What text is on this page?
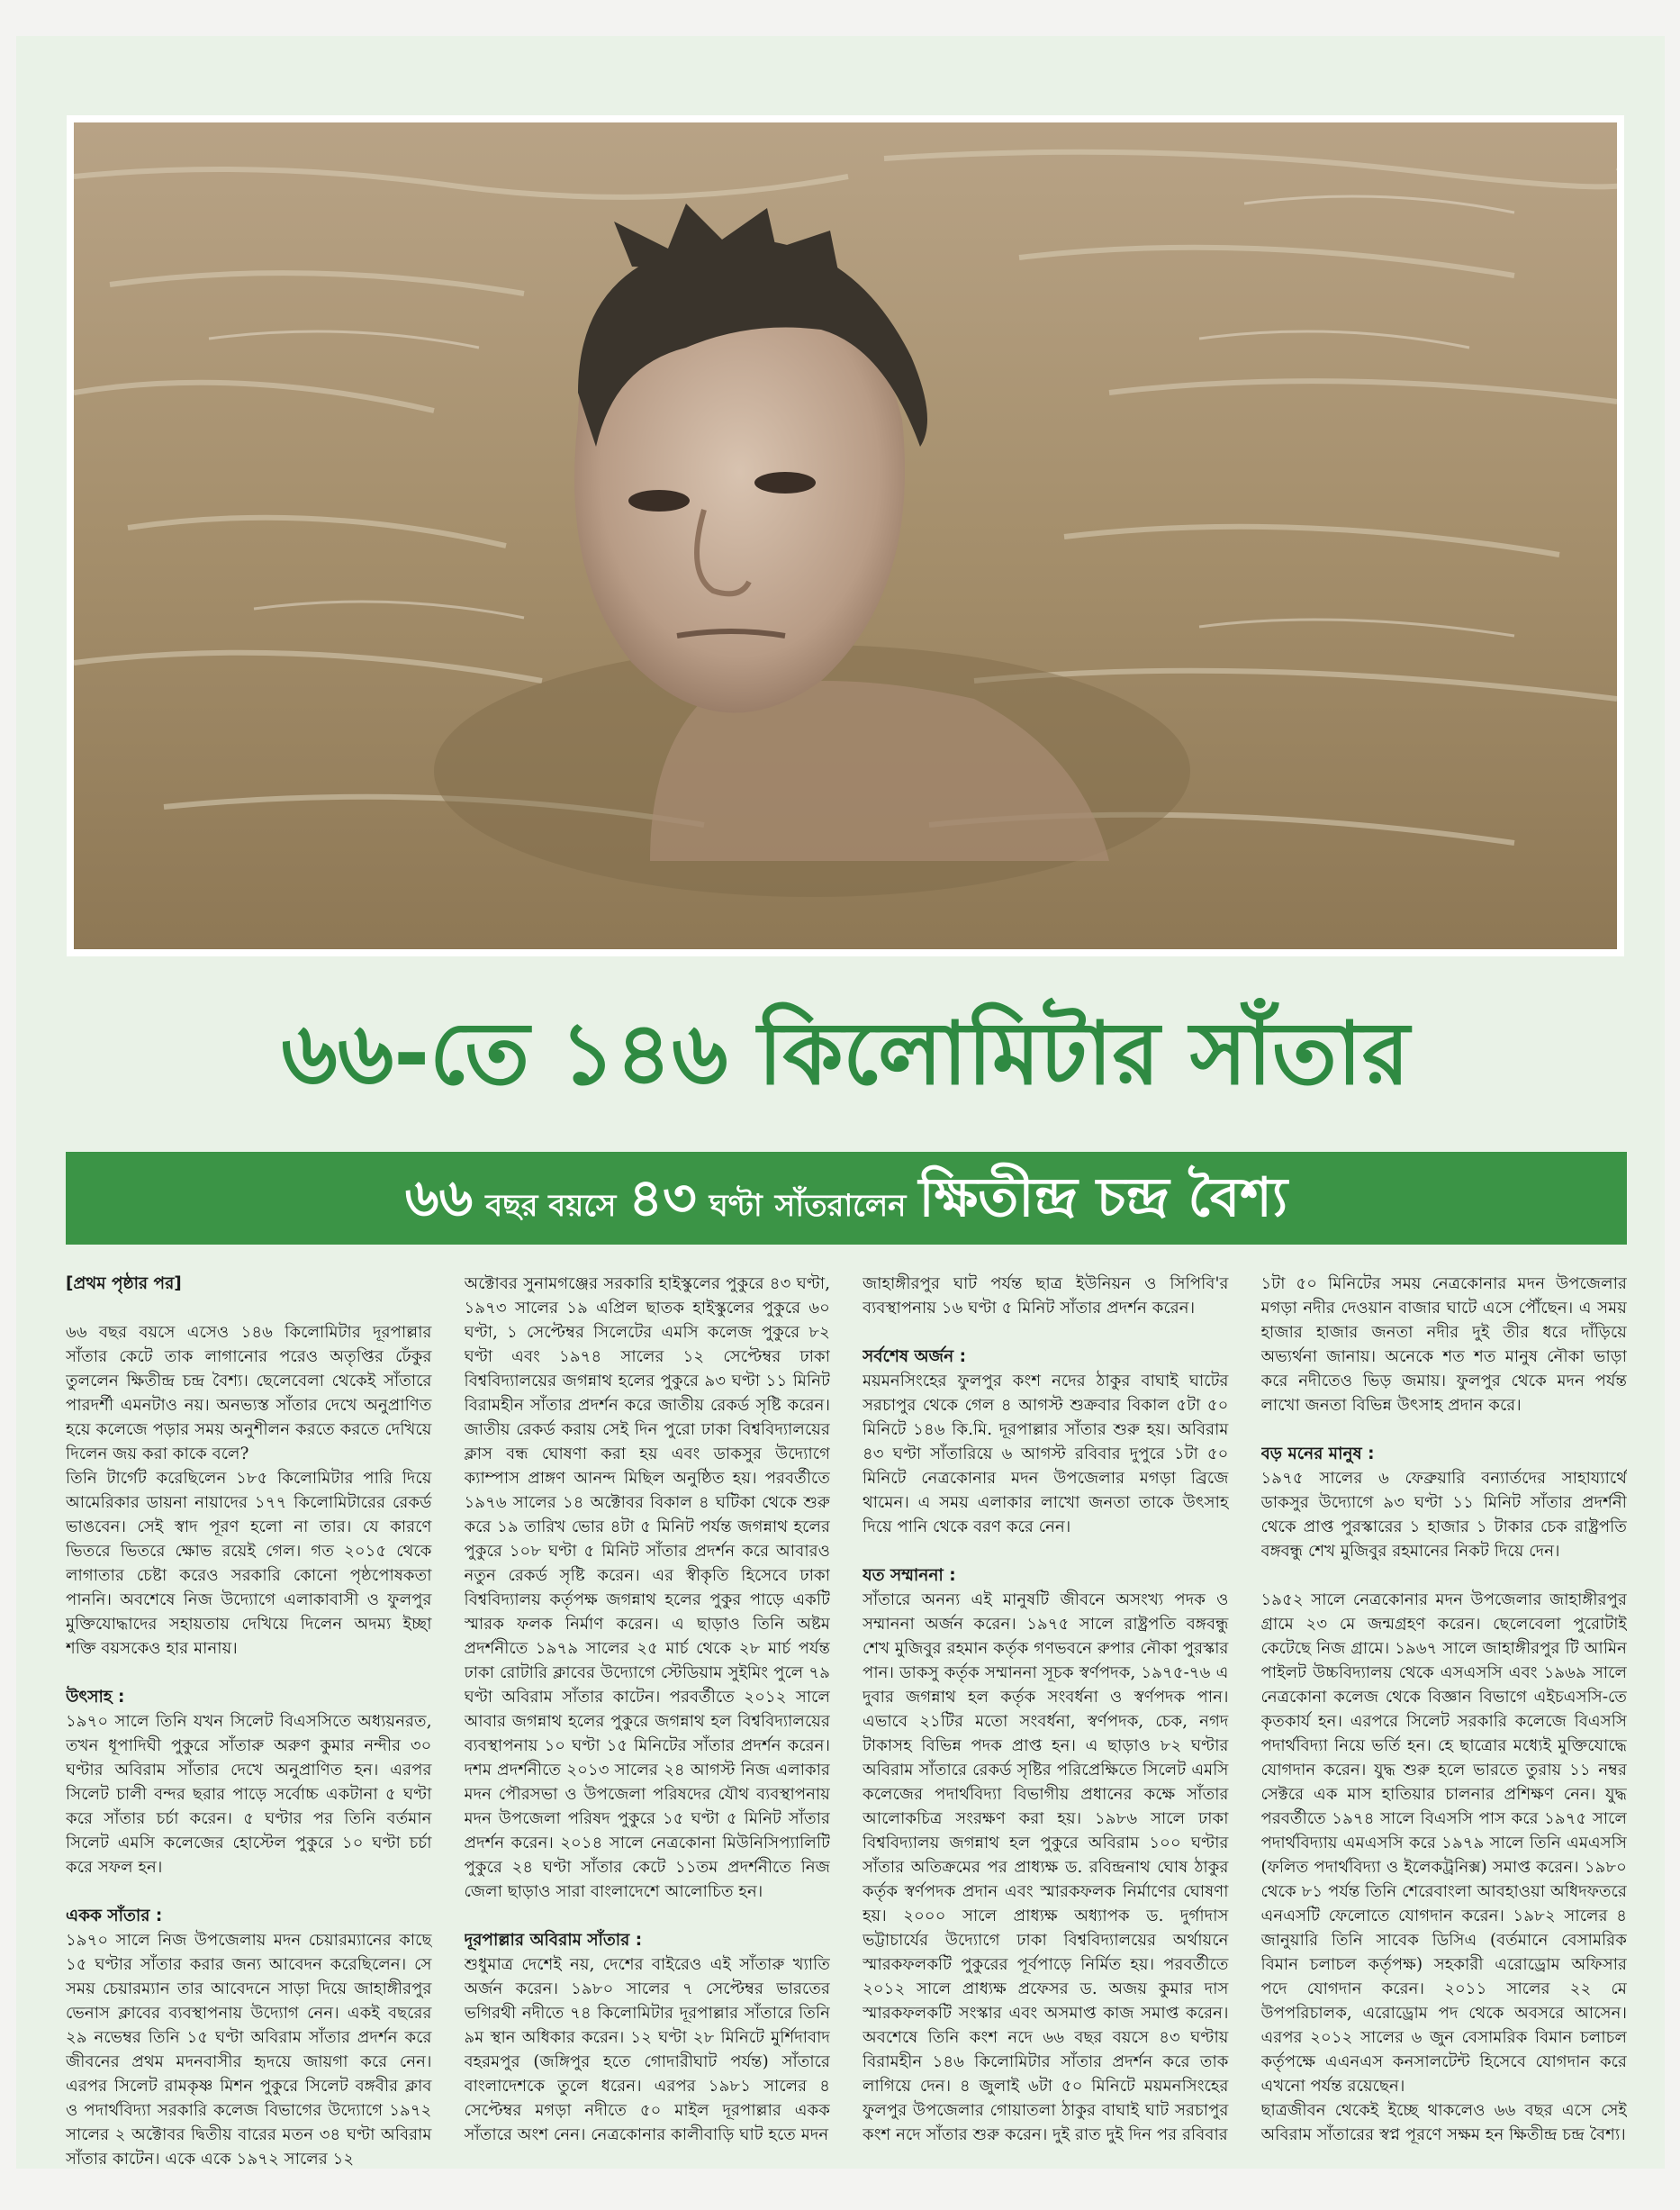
৬৬-তে ১৪৬ কিলোমিটার সাঁতার
৬৬ বছর বয়সে ৪৩ ঘণ্টা সাঁতরালেন ক্ষিতীন্দ্র চন্দ্র বৈশ্য

[প্রথম পৃষ্ঠার পর]

৬৬ বছর বয়সে এসেও ১৪৬ কিলোমিটার দূরপাল্লার সাঁতার কেটে তাক লাগানোর পরেও অতৃপ্তির ঢেঁকুর তুললেন ক্ষিতীন্দ্র চন্দ্র বৈশ্য। ছেলেবেলা থেকেই সাঁতারে পারদর্শী এমনটাও নয়। অনভ্যস্ত সাঁতার দেখে অনুপ্রাণিত হয়ে কলেজে পড়ার সময় অনুশীলন করতে করতে দেখিয়ে দিলেন জয় করা কাকে বলে?

তিনি টার্গেট করেছিলেন ১৮৫ কিলোমিটার পারি দিয়ে আমেরিকার ডায়না নায়াদের ১৭৭ কিলোমিটারের রেকর্ড ভাঙবেন। সেই স্বাদ পূরণ হলো না তার। যে কারণে ভিতরে ভিতরে ক্ষোভ রয়েই গেল। গত ২০১৫ থেকে লাগাতার চেষ্টা করেও সরকারি কোনো পৃষ্ঠপোষকতা পাননি। অবশেষে নিজ উদ্যোগে এলাকাবাসী ও ফুলপুর মুক্তিযোদ্ধাদের সহায়তায় দেখিয়ে দিলেন অদম্য ইচ্ছা শক্তি বয়সকেও হার মানায়।

উৎসাহ :

১৯৭০ সালে তিনি যখন সিলেট বিএসসিতে অধ্যয়নরত, তখন ধূপাদিঘী পুকুরে সাঁতারু অরুণ কুমার নন্দীর ৩০ ঘণ্টার অবিরাম সাঁতার দেখে অনুপ্রাণিত হন। এরপর সিলেট চালী বন্দর ছরার পাড়ে সর্বোচ্চ একটানা ৫ ঘণ্টা করে সাঁতার চর্চা করেন। ৫ ঘণ্টার পর তিনি বর্তমান সিলেট এমসি কলেজের হোস্টেল পুকুরে ১০ ঘণ্টা চর্চা করে সফল হন।

একক সাঁতার :

১৯৭০ সালে নিজ উপজেলায় মদন চেয়ারম্যানের কাছে ১৫ ঘণ্টার সাঁতার করার জন্য আবেদন করেছিলেন। সে সময় চেয়ারম্যান তার আবেদনে সাড়া দিয়ে জাহাঙ্গীরপুর ভেনাস ক্লাবের ব্যবস্থাপনায় উদ্যোগ নেন। একই বছরের ২৯ নভেম্বর তিনি ১৫ ঘণ্টা অবিরাম সাঁতার প্রদর্শন করে জীবনের প্রথম মদনবাসীর হৃদয়ে জায়গা করে নেন। এরপর সিলেট রামকৃষ্ণ মিশন পুকুরে সিলেট বঙ্গবীর ক্লাব ও পদার্থবিদ্যা সরকারি কলেজ বিভাগের উদ্যোগে ১৯৭২ সালের ২ অক্টোবর দ্বিতীয় বারের মতন ৩৪ ঘণ্টা অবিরাম সাঁতার কাটেন। একে একে ১৯৭২ সালের ১২

অক্টোবর সুনামগঞ্জের সরকারি হাইস্কুলের পুকুরে ৪৩ ঘণ্টা, ১৯৭৩ সালের ১৯ এপ্রিল ছাতক হাইস্কুলের পুকুরে ৬০ ঘণ্টা, ১ সেপ্টেম্বর সিলেটের এমসি কলেজ পুকুরে ৮২ ঘণ্টা এবং ১৯৭৪ সালের ১২ সেপ্টেম্বর ঢাকা বিশ্ববিদ্যালয়ের জগন্নাথ হলের পুকুরে ৯৩ ঘণ্টা ১১ মিনিট বিরামহীন সাঁতার প্রদর্শন করে জাতীয় রেকর্ড সৃষ্টি করেন। জাতীয় রেকর্ড করায় সেই দিন পুরো ঢাকা বিশ্ববিদ্যালয়ের ক্লাস বন্ধ ঘোষণা করা হয় এবং ডাকসুর উদ্যোগে ক্যাম্পাস প্রাঙ্গণ আনন্দ মিছিল অনুষ্ঠিত হয়। পরবর্তীতে ১৯৭৬ সালের ১৪ অক্টোবর বিকাল ৪ ঘটিকা থেকে শুরু করে ১৯ তারিখ ভোর ৪টা ৫ মিনিট পর্যন্ত জগন্নাথ হলের পুকুরে ১০৮ ঘণ্টা ৫ মিনিট সাঁতার প্রদর্শন করে আবারও নতুন রেকর্ড সৃষ্টি করেন। এর স্বীকৃতি হিসেবে ঢাকা বিশ্ববিদ্যালয় কর্তৃপক্ষ জগন্নাথ হলের পুকুর পাড়ে একটি স্মারক ফলক নির্মাণ করেন। এ ছাড়াও তিনি অষ্টম প্রদর্শনীতে ১৯৭৯ সালের ২৫ মার্চ থেকে ২৮ মার্চ পর্যন্ত ঢাকা রোটারি ক্লাবের উদ্যোগে স্টেডিয়াম সুইমিং পুলে ৭৯ ঘণ্টা অবিরাম সাঁতার কাটেন। পরবর্তীতে ২০১২ সালে আবার জগন্নাথ হলের পুকুরে জগন্নাথ হল বিশ্ববিদ্যালয়ের ব্যবস্থাপনায় ১০ ঘণ্টা ১৫ মিনিটের সাঁতার প্রদর্শন করেন। দশম প্রদর্শনীতে ২০১৩ সালের ২৪ আগস্ট নিজ এলাকার মদন পৌরসভা ও উপজেলা পরিষদের যৌথ ব্যবস্থাপনায় মদন উপজেলা পরিষদ পুকুরে ১৫ ঘণ্টা ৫ মিনিট সাঁতার প্রদর্শন করেন। ২০১৪ সালে নেত্রকোনা মিউনিসিপ্যালিটি পুকুরে ২৪ ঘণ্টা সাঁতার কেটে ১১তম প্রদর্শনীতে নিজ জেলা ছাড়াও সারা বাংলাদেশে আলোচিত হন।

দূরপাল্লার অবিরাম সাঁতার :

শুধুমাত্র দেশেই নয়, দেশের বাইরেও এই সাঁতারু খ্যাতি অর্জন করেন। ১৯৮০ সালের ৭ সেপ্টেম্বর ভারতের ভগিরথী নদীতে ৭৪ কিলোমিটার দূরপাল্লার সাঁতারে তিনি ৯ম স্থান অধিকার করেন। ১২ ঘণ্টা ২৮ মিনিটে মুর্শিদাবাদ বহরমপুর (জঙ্গিপুর হতে গোদারীঘাট পর্যন্ত) সাঁতারে বাংলাদেশকে তুলে ধরেন। এরপর ১৯৮১ সালের ৪ সেপ্টেম্বর মগড়া নদীতে ৫০ মাইল দূরপাল্লার একক সাঁতারে অংশ নেন। নেত্রকোনার কালীবাড়ি ঘাট হতে মদন

জাহাঙ্গীরপুর ঘাট পর্যন্ত ছাত্র ইউনিয়ন ও সিপিবি'র ব্যবস্থাপনায় ১৬ ঘণ্টা ৫ মিনিট সাঁতার প্রদর্শন করেন।

সর্বশেষ অর্জন :

ময়মনসিংহের ফুলপুর কংশ নদের ঠাকুর বাঘাই ঘাটের সরচাপুর থেকে গেল ৪ আগস্ট শুক্রবার বিকাল ৫টা ৫০ মিনিটে ১৪৬ কি.মি. দূরপাল্লার সাঁতার শুরু হয়। অবিরাম ৪৩ ঘণ্টা সাঁতারিয়ে ৬ আগস্ট রবিবার দুপুরে ১টা ৫০ মিনিটে নেত্রকোনার মদন উপজেলার মগড়া ব্রিজে থামেন। এ সময় এলাকার লাখো জনতা তাকে উৎসাহ দিয়ে পানি থেকে বরণ করে নেন।

যত সম্মাননা :

সাঁতারে অনন্য এই মানুষটি জীবনে অসংখ্য পদক ও সম্মাননা অর্জন করেন। ১৯৭৫ সালে রাষ্ট্রপতি বঙ্গবন্ধু শেখ মুজিবুর রহমান কর্তৃক গণভবনে রুপার নৌকা পুরস্কার পান। ডাকসু কর্তৃক সম্মাননা সূচক স্বর্ণপদক, ১৯৭৫-৭৬ এ দুবার জগন্নাথ হল কর্তৃক সংবর্ধনা ও স্বর্ণপদক পান। এভাবে ২১টির মতো সংবর্ধনা, স্বর্ণপদক, চেক, নগদ টাকাসহ বিভিন্ন পদক প্রাপ্ত হন। এ ছাড়াও ৮২ ঘণ্টার অবিরাম সাঁতারে রেকর্ড সৃষ্টির পরিপ্রেক্ষিতে সিলেট এমসি কলেজের পদার্থবিদ্যা বিভাগীয় প্রধানের কক্ষে সাঁতার আলোকচিত্র সংরক্ষণ করা হয়। ১৯৮৬ সালে ঢাকা বিশ্ববিদ্যালয় জগন্নাথ হল পুকুরে অবিরাম ১০০ ঘণ্টার সাঁতার অতিক্রমের পর প্রাধ্যক্ষ ড. রবিন্দ্রনাথ ঘোষ ঠাকুর কর্তৃক স্বর্ণপদক প্রদান এবং স্মারকফলক নির্মাণের ঘোষণা হয়। ২০০০ সালে প্রাধ্যক্ষ অধ্যাপক ড. দুর্গাদাস ভট্টাচার্যের উদ্যোগে ঢাকা বিশ্ববিদ্যালয়ের অর্থায়নে স্মারকফলকটি পুকুরের পূর্বপাড়ে নির্মিত হয়। পরবর্তীতে ২০১২ সালে প্রাধ্যক্ষ প্রফেসর ড. অজয় কুমার দাস স্মারকফলকটি সংস্কার এবং অসমাপ্ত কাজ সমাপ্ত করেন। অবশেষে তিনি কংশ নদে ৬৬ বছর বয়সে ৪৩ ঘণ্টায় বিরামহীন ১৪৬ কিলোমিটার সাঁতার প্রদর্শন করে তাক লাগিয়ে দেন। ৪ জুলাই ৬টা ৫০ মিনিটে ময়মনসিংহের ফুলপুর উপজেলার গোয়াতলা ঠাকুর বাঘাই ঘাট সরচাপুর কংশ নদে সাঁতার শুরু করেন। দুই রাত দুই দিন পর রবিবার

১টা ৫০ মিনিটের সময় নেত্রকোনার মদন উপজেলার মগড়া নদীর দেওয়ান বাজার ঘাটে এসে পৌঁছেন। এ সময় হাজার হাজার জনতা নদীর দুই তীর ধরে দাঁড়িয়ে অভ্যর্থনা জানায়। অনেকে শত শত মানুষ নৌকা ভাড়া করে নদীতেও ভিড় জমায়। ফুলপুর থেকে মদন পর্যন্ত লাখো জনতা বিভিন্ন উৎসাহ প্রদান করে।

বড় মনের মানুষ :

১৯৭৫ সালের ৬ ফেব্রুয়ারি বন্যার্তদের সাহায্যার্থে ডাকসুর উদ্যোগে ৯৩ ঘণ্টা ১১ মিনিট সাঁতার প্রদর্শনী থেকে প্রাপ্ত পুরস্কারের ১ হাজার ১ টাকার চেক রাষ্ট্রপতি বঙ্গবন্ধু শেখ মুজিবুর রহমানের নিকট দিয়ে দেন।

১৯৫২ সালে নেত্রকোনার মদন উপজেলার জাহাঙ্গীরপুর গ্রামে ২৩ মে জন্মগ্রহণ করেন। ছেলেবেলা পুরোটাই কেটেছে নিজ গ্রামে। ১৯৬৭ সালে জাহাঙ্গীরপুর টি আমিন পাইলট উচ্চবিদ্যালয় থেকে এসএসসি এবং ১৯৬৯ সালে নেত্রকোনা কলেজ থেকে বিজ্ঞান বিভাগে এইচএসসি-তে কৃতকার্য হন। এরপরে সিলেট সরকারি কলেজে বিএসসি পদার্থবিদ্যা নিয়ে ভর্তি হন। হে ছাত্রোর মধ্যেই মুক্তিযোদ্ধে যোগদান করেন। যুদ্ধ শুরু হলে ভারতে তুরায় ১১ নম্বর সেক্টরে এক মাস হাতিয়ার চালনার প্রশিক্ষণ নেন। যুদ্ধ পরবর্তীতে ১৯৭৪ সালে বিএসসি পাস করে ১৯৭৫ সালে পদার্থবিদ্যায় এমএসসি করে ১৯৭৯ সালে তিনি এমএসসি (ফলিত পদার্থবিদ্যা ও ইলেকট্রনিক্স) সমাপ্ত করেন। ১৯৮০ থেকে ৮১ পর্যন্ত তিনি শেরেবাংলা আবহাওয়া অধিদফতরে এনএসটি ফেলোতে যোগদান করেন। ১৯৮২ সালের ৪ জানুয়ারি তিনি সাবেক ডিসিএ (বর্তমানে বেসামরিক বিমান চলাচল কর্তৃপক্ষ) সহকারী এরোড্রোম অফিসার পদে যোগদান করেন। ২০১১ সালের ২২ মে উপপরিচালক, এরোড্রোম পদ থেকে অবসরে আসেন। এরপর ২০১২ সালের ৬ জুন বেসামরিক বিমান চলাচল কর্তৃপক্ষে এএনএস কনসালটেন্ট হিসেবে যোগদান করে এখনো পর্যন্ত রয়েছেন।

ছাত্রজীবন থেকেই ইচ্ছে থাকলেও ৬৬ বছর এসে সেই অবিরাম সাঁতারের স্বপ্ন পূরণে সক্ষম হন ক্ষিতীন্দ্র চন্দ্র বৈশ্য।
